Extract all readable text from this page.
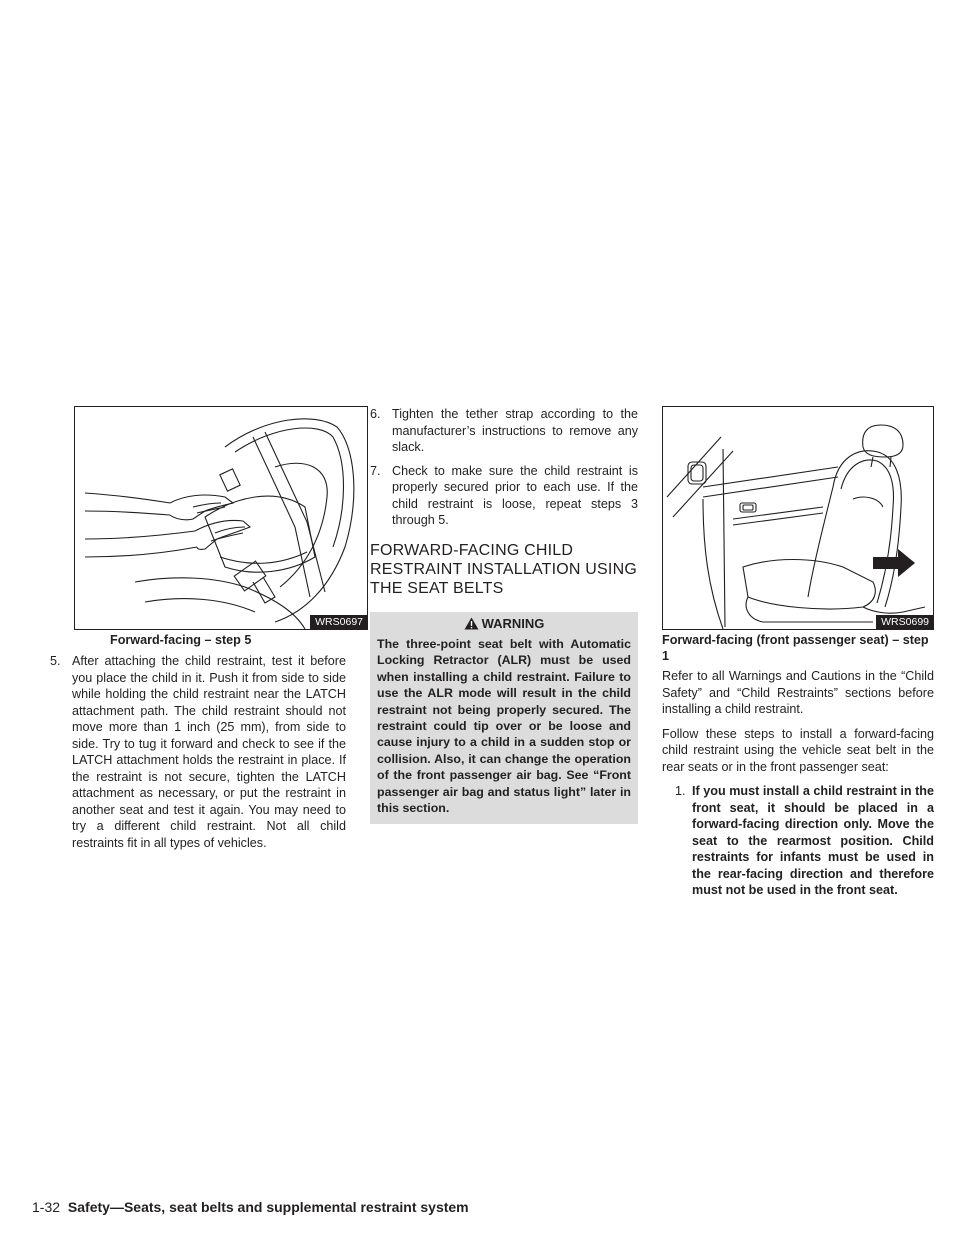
WRS0697
Forward-facing – step 5
5. After attaching the child restraint, test it before you place the child in it. Push it from side to side while holding the child restraint near the LATCH attachment path. The child restraint should not move more than 1 inch (25 mm), from side to side. Try to tug it forward and check to see if the LATCH attachment holds the restraint in place. If the restraint is not secure, tighten the LATCH attachment as necessary, or put the restraint in another seat and test it again. You may need to try a different child restraint. Not all child restraints fit in all types of vehicles.
6. Tighten the tether strap according to the manufacturer’s instructions to remove any slack.
7. Check to make sure the child restraint is properly secured prior to each use. If the child restraint is loose, repeat steps 3 through 5.
FORWARD-FACING CHILD RESTRAINT INSTALLATION USING THE SEAT BELTS
WARNING
The three-point seat belt with Automatic Locking Retractor (ALR) must be used when installing a child restraint. Failure to use the ALR mode will result in the child restraint not being properly secured. The restraint could tip over or be loose and cause injury to a child in a sudden stop or collision. Also, it can change the operation of the front passenger air bag. See “Front passenger air bag and status light” later in this section.
WRS0699
Forward-facing (front passenger seat) – step 1

Refer to all Warnings and Cautions in the “Child Safety” and “Child Restraints” sections before installing a child restraint.

Follow these steps to install a forward-facing child restraint using the vehicle seat belt in the rear seats or in the front passenger seat:

1. If you must install a child restraint in the front seat, it should be placed in a forward-facing direction only. Move the seat to the rearmost position. Child restraints for infants must be used in the rear-facing direction and therefore must not be used in the front seat.
1-32 Safety—Seats, seat belts and supplemental restraint system
